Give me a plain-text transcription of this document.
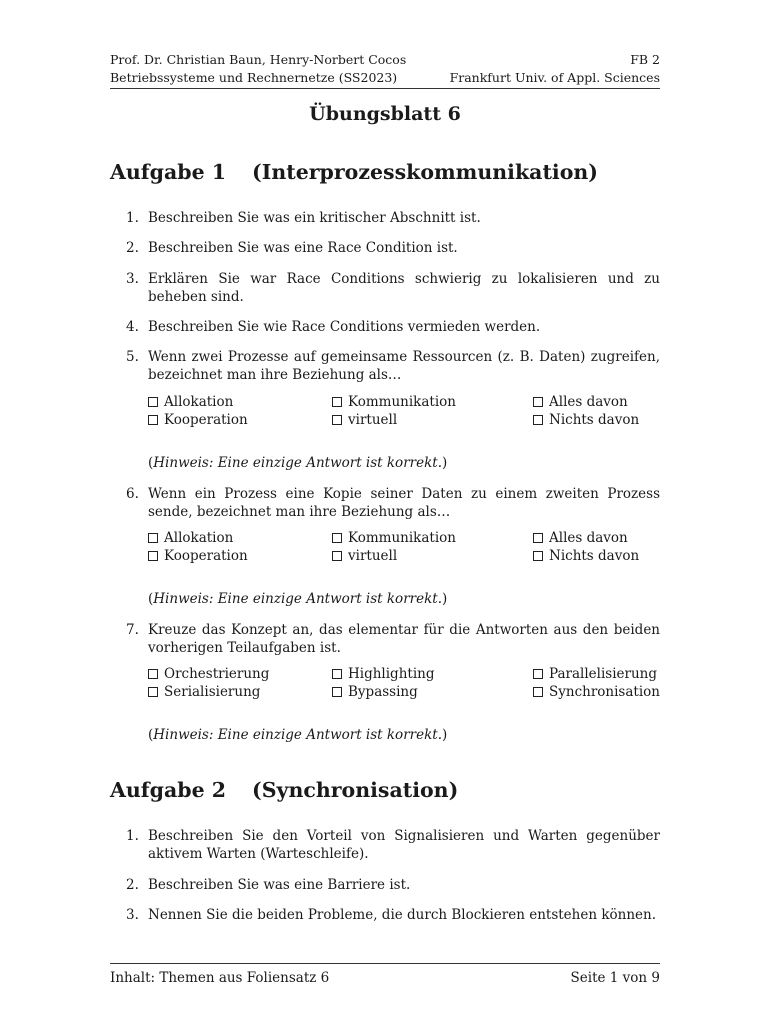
Prof. Dr. Christian Baun, Henry-Norbert Cocos	FB 2
Betriebssysteme und Rechnernetze (SS2023)	Frankfurt Univ. of Appl. Sciences
Übungsblatt 6
Aufgabe 1 (Interprozesskommunikation)
1. Beschreiben Sie was ein kritischer Abschnitt ist.
2. Beschreiben Sie was eine Race Condition ist.
3. Erklären Sie war Race Conditions schwierig zu lokalisieren und zu beheben sind.
4. Beschreiben Sie wie Race Conditions vermieden werden.
5. Wenn zwei Prozesse auf gemeinsame Ressourcen (z. B. Daten) zugreifen, bezeichnet man ihre Beziehung als…
Allokation	Kommunikation	Alles davon
Kooperation	virtuell	Nichts davon
(Hinweis: Eine einzige Antwort ist korrekt.)
6. Wenn ein Prozess eine Kopie seiner Daten zu einem zweiten Prozess sende, bezeichnet man ihre Beziehung als…
Allokation	Kommunikation	Alles davon
Kooperation	virtuell	Nichts davon
(Hinweis: Eine einzige Antwort ist korrekt.)
7. Kreuze das Konzept an, das elementar für die Antworten aus den beiden vorherigen Teilaufgaben ist.
Orchestrierung	Highlighting	Parallelisierung
Serialisierung	Bypassing	Synchronisation
(Hinweis: Eine einzige Antwort ist korrekt.)
Aufgabe 2 (Synchronisation)
1. Beschreiben Sie den Vorteil von Signalisieren und Warten gegenüber aktivem Warten (Warteschleife).
2. Beschreiben Sie was eine Barriere ist.
3. Nennen Sie die beiden Probleme, die durch Blockieren entstehen können.
Inhalt: Themen aus Foliensatz 6	Seite 1 von 9
